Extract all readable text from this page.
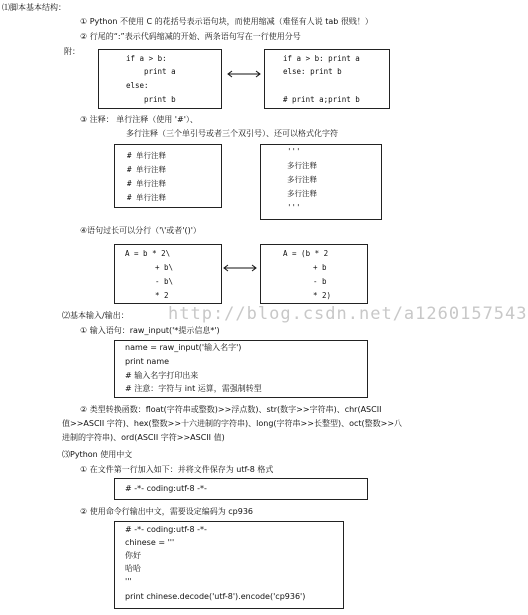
⑴脚本基本结构：
① Python 不使用 C 的花括号表示语句块，而使用缩减（难怪有人说 tab 很贱！）
② 行尾的“:”表示代码缩减的开始、两条语句写在一行使用分号
附：
if a > b:
print a
else:
print b
if a > b: print a
else: print b
# print a;print b
③ 注释： 单行注释（使用 '#'）、
多行注释（三个单引号或者三个双引号）、还可以格式化字符
# 单行注释
# 单行注释
# 单行注释
# 单行注释
'''
多行注释
多行注释
多行注释
'''
④语句过长可以分行（'\'或者'()'）
A = b * 2\
+ b\
- b\
* 2
A = (b * 2
+ b
- b
* 2)
http://blog.csdn.net/a1260157543
⑵基本输入/输出：
① 输入语句：raw_input('*提示信息*')
name = raw_input('输入名字')
print name
# 输入名字打印出来
# 注意：字符与 int 运算，需强制转型
② 类型转换函数：float(字符串或整数)>>浮点数)、str(数字>>字符串)、chr(ASCII
值>>ASCII 字符)、hex(整数>>十六进制的字符串)、long(字符串>>长整型)、oct(整数>>八
进制的字符串)、ord(ASCII 字符>>ASCII 值)
⑶Python 使用中文
① 在文件第一行加入如下：并将文件保存为 utf-8 格式
# -*- coding:utf-8 -*-
② 使用命令行输出中文，需要设定编码为 cp936
# -*- coding:utf-8 -*-
chinese = '''
你好
哈哈
'''
print chinese.decode('utf-8').encode('cp936')
